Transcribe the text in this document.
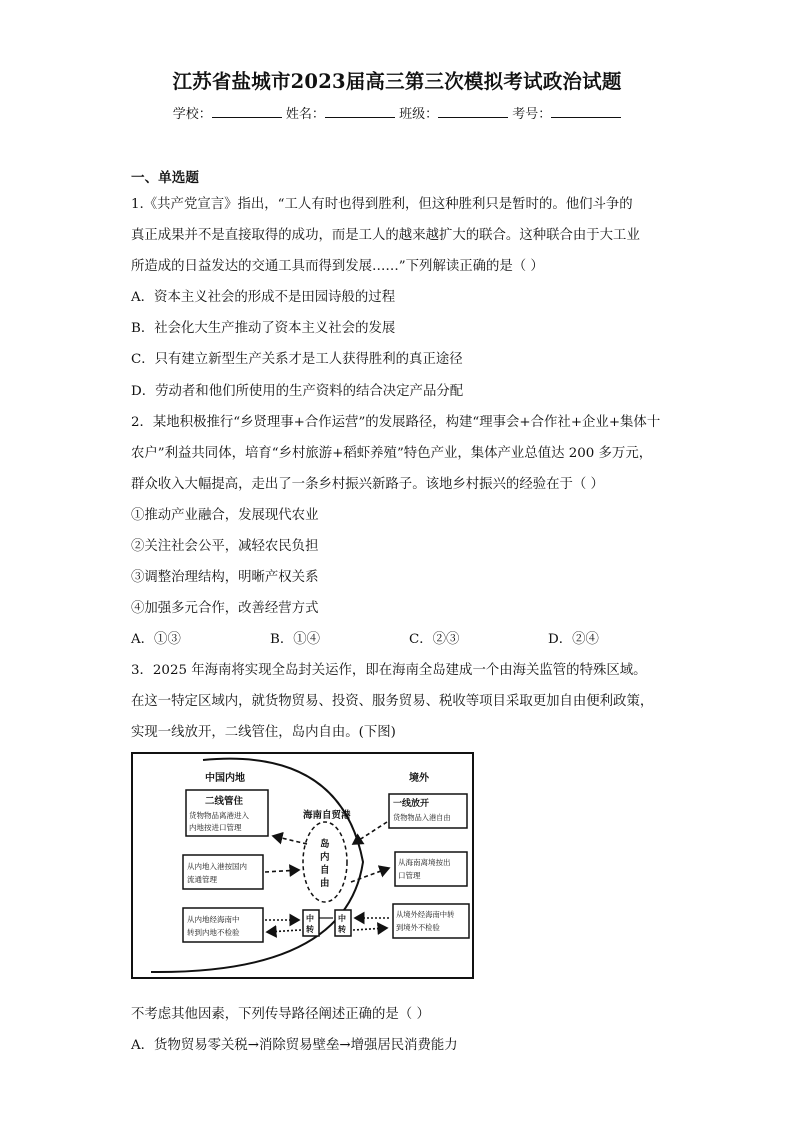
江苏省盐城市2023届高三第三次模拟考试政治试题
学校：	姓名：	班级：	考号：
一、单选题
1.《共产党宣言》指出，“工人有时也得到胜利，但这种胜利只是暂时的。他们斗争的
真正成果并不是直接取得的成功，而是工人的越来越扩大的联合。这种联合由于大工业
所造成的日益发达的交通工具而得到发展……”下列解读正确的是（ ）
A．资本主义社会的形成不是田园诗般的过程
B．社会化大生产推动了资本主义社会的发展
C．只有建立新型生产关系才是工人获得胜利的真正途径
D．劳动者和他们所使用的生产资料的结合决定产品分配
2．某地积极推行“乡贤理事+合作运营”的发展路径，构建“理事会+合作社+企业+集体十
农户”利益共同体，培育“乡村旅游+稻虾养殖”特色产业，集体产业总值达 200 多万元，
群众收入大幅提高，走出了一条乡村振兴新路子。该地乡村振兴的经验在于（ ）
①推动产业融合，发展现代农业
②关注社会公平，减轻农民负担
③调整治理结构，明晰产权关系
④加强多元合作，改善经营方式
A．①③	B．①④	C．②③	D．②④
3．2025 年海南将实现全岛封关运作，即在海南全岛建成一个由海关监管的特殊区域。
在这一特定区域内，就货物贸易、投资、服务贸易、税收等项目采取更加自由便利政策，
实现一线放开，二线管住，岛内自由。(下图)
中国内地	境外
海南自贸港
岛
内
自
由
二线管住
货物物品离港进入
内地按进口管理
一线放开
货物物品入港自由
从内地入港按国内
流通管理
从海南离境按出
口管理
从内地经海南中
转到内地不检验
从境外经海南中转
到境外不检验
中
转
中
转
不考虑其他因素，下列传导路径阐述正确的是（ ）
A．货物贸易零关税→消除贸易壁垒→增强居民消费能力
